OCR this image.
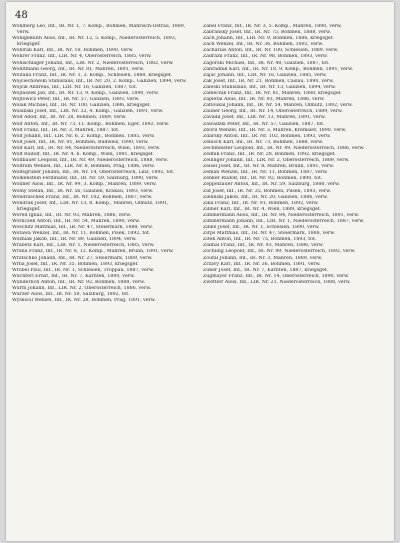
48

Wohlberg Leo, Inf., IR. Nr. 1, 7. Komp., Böhmen, Mährisch-Ostrau, 1889, verw.

Wohlgemuth Alois, Inf., IR. Nr. 12, 5. Komp., Niederösterreich, 1893, kriegsgef.

Wohlrab Karl, Inf., IR. Nr. 10, Böhmen, 1890, verw.

Wöhrer Franz, Inf., LIR. Nr. 4, Oberösterreich, 1885, verw.

Wohlschläger Johann, Inf., LIR. Nr. 2, Niederösterreich, 1882, verw.

Wohltmann Georg, Inf., IR. Nr. 81, Mähren, 1891, verw.

Woitalla Franz, Inf., IR. Nr. 1, 3. Komp., Schlesien, 1888, kriegsgef.

Wojciechowski Stanislaus, Inf., IR. Nr. 20, 2. Komp., Galizien, 1894, verw.

Wojcik Andreas, Inf., LIR. Nr. 16, Galizien, 1887, tot.

Wojtaszek Jan, Inf., IR. Nr. 13, 9. Komp., Galizien, 1890, verw.

Wojtowicz Peter, Inf., IR. Nr. 57, Galizien, 1893, verw.

Wolak Michael, Inf., IR. Nr. 100, Galizien, 1886, kriegsgef.

Wolanski Josef, Inf., LIR. Nr. 32, 4. Komp., Galizien, 1891, verw.

Wolf Adolf, Inf., IR. Nr. 28, Böhmen, 1889, verw.

Wolf Anton, Inf., IR. Nr. 73, 11. Komp., Böhmen, Eger, 1892, verw.

Wolf Franz, Inf., IR. Nr. 3, Mähren, 1887, tot.

Wolf Johann, Inf., LIR. Nr. 6, 2. Komp., Böhmen, 1885, verw.

Wolf Josef, Inf., IR. Nr. 91, Böhmen, Budweis, 1890, verw.

Wolf Karl, Inf., IR. Nr. 84, Niederösterreich, Wien, 1893, verw.

Wolf Rudolf, Inf., IR. Nr. 4, 6. Komp., Wien, 1891, kriegsgef.

Wolfbauer Leopold, Inf., IR. Nr. 49, Niederösterreich, 1888, verw.

Wolfram Wenzel, Inf., LIR. Nr. 8, Böhmen, Prag, 1886, verw.

Wolfsgruber Johann, Inf., IR. Nr. 14, Oberösterreich, Linz, 1892, tot.

Wolkenstein Ferdinand, Inf., IR. Nr. 59, Salzburg, 1890, verw.

Wollner Alois, Inf., IR. Nr. 99, 3. Komp., Mähren, 1889, verw.

Wolny Stefan, Inf., IR. Nr. 56, Galizien, Krakau, 1893, verw.

Wondraschek Franz, Inf., IR. Nr. 102, Böhmen, 1887, verw.

Wondrak Josef, Inf., LIR. Nr. 13, 8. Komp., Mähren, Olmütz, 1891, kriegsgef.

Worell Ignaz, Inf., IR. Nr. 93, Mähren, 1886, verw.

Worliczek Anton, Inf., IR. Nr. 54, Mähren, 1890, verw.

Woschitz Matthias, Inf., IR. Nr. 47, Steiermark, 1888, verw.

Wotawa Wenzel, Inf., IR. Nr. 11, Böhmen, Pisek, 1892, tot.

Wozniak Jakob, Inf., IR. Nr. 89, Galizien, 1894, verw.

Wrabetz Karl, Inf., LIR. Nr. 1, Niederösterreich, 1885, verw.

Wrana Franz, Inf., IR. Nr. 8, 12. Komp., Mähren, Brünn, 1891, verw.

Wratschko Johann, Inf., IR. Nr. 27, Steiermark, 1889, verw.

Wrba Josef, Inf., IR. Nr. 35, Böhmen, 1893, kriegsgef.

Wrobel Paul, Inf., IR. Nr. 1, Schlesien, Troppau, 1887, verw.

Wuchterl Ernst, Inf., IR. Nr. 7, Kärnten, 1890, verw.

Wunderlich Anton, Inf., IR. Nr. 92, Böhmen, 1888, verw.

Wurm Johann, Inf., LIR. Nr. 2, Oberösterreich, 1886, verw.

Wurzer Alois, Inf., IR. Nr. 59, Salzburg, 1892, tot.

Wyskocil Wenzel, Inf., IR. Nr. 28, Böhmen, Prag, 1891, verw.

Zabel Franz, Inf., IR. Nr. 3, 5. Komp., Mähren, 1890, verw.

Zabransky Josef, Inf., IR. Nr. 75, Böhmen, 1888, verw.

Zach Johann, Inf., LIR. Nr. 9, Böhmen, 1886, kriegsgef.

Zach Wenzel, Inf., IR. Nr. 36, Böhmen, 1892, verw.

Zacharias Anton, Inf., IR. Nr. 100, Schlesien, 1889, verw.

Zadrazil Franz, Inf., IR. Nr. 98, Böhmen, 1893, verw.

Zagorski Michael, Inf., IR. Nr. 40, Galizien, 1887, tot.

Zahradnik Karl, Inf., IR. Nr. 18, 9. Komp., Böhmen, 1891, verw.

Zajac Johann, Inf., LIR. Nr. 16, Galizien, 1885, verw.

Zak Josef, Inf., IR. Nr. 21, Böhmen, Časlau, 1890, verw.

Zaleski Stanislaus, Inf., IR. Nr. 13, Galizien, 1894, verw.

Zamecnik Franz, Inf., IR. Nr. 81, Mähren, 1888, kriegsgef.

Zapletal Alois, Inf., IR. Nr. 93, Mähren, 1886, verw.

Zatloukal Johann, Inf., IR. Nr. 54, Mähren, Olmütz, 1892, verw.

Zauner Georg, Inf., IR. Nr. 14, Oberösterreich, 1889, verw.

Zavadil Josef, Inf., LIR. Nr. 13, Mähren, 1891, verw.

Zawadzki Peter, Inf., IR. Nr. 57, Galizien, 1887, tot.

Zbořil Wenzel, Inf., IR. Nr. 3, Mähren, Kremsier, 1890, verw.

Zdarsky Anton, Inf., IR. Nr. 102, Böhmen, 1893, verw.

Zebisch Karl, Inf., IR. Nr. 73, Böhmen, 1888, verw.

Zechmeister Leopold, Inf., IR. Nr. 49, Niederösterreich, 1886, verw.

Zednik Franz, Inf., IR. Nr. 28, Böhmen, 1892, kriegsgef.

Zeilinger Johann, Inf., LIR. Nr. 2, Oberösterreich, 1889, verw.

Zeisel Josef, Inf., IR. Nr. 8, Mähren, Brünn, 1891, verw.

Zeman Wenzel, Inf., IR. Nr. 11, Böhmen, 1887, verw.

Zenker Rudolf, Inf., IR. Nr. 92, Böhmen, 1890, tot.

Zeppelzauer Anton, Inf., IR. Nr. 59, Salzburg, 1888, verw.

Zid Josef, Inf., IR. Nr. 35, Böhmen, Pilsen, 1893, verw.

Zielinski Jakob, Inf., IR. Nr. 20, Galizien, 1886, verw.

Zika Franz, Inf., IR. Nr. 91, Böhmen, 1892, verw.

Zillner Karl, Inf., IR. Nr. 4, Wien, 1889, kriegsgef.

Zimmermann Alois, Inf., IR. Nr. 84, Niederösterreich, 1891, verw.

Zimmermann Johann, Inf., LIR. Nr. 1, Niederösterreich, 1887, verw.

Zinke Josef, Inf., IR. Nr. 1, Schlesien, 1890, verw.

Zirps Matthias, Inf., IR. Nr. 47, Steiermark, 1888, verw.

Zitek Anton, Inf., IR. Nr. 75, Böhmen, 1893, tot.

Zlamal Franz, Inf., IR. Nr. 93, Mähren, 1886, verw.

Zöchling Leopold, Inf., IR. Nr. 99, Niederösterreich, 1892, verw.

Zoufal Johann, Inf., IR. Nr. 3, Mähren, 1889, verw.

Zrzavy Karl, Inf., IR. Nr. 36, Böhmen, 1891, verw.

Zuber Josef, Inf., IR. Nr. 7, Kärnten, 1887, kriegsgef.

Zugmayer Franz, Inf., IR. Nr. 14, Oberösterreich, 1890, verw.

Zwettler Alois, Inf., LIR. Nr. 21, Niederösterreich, 1888, verw.
